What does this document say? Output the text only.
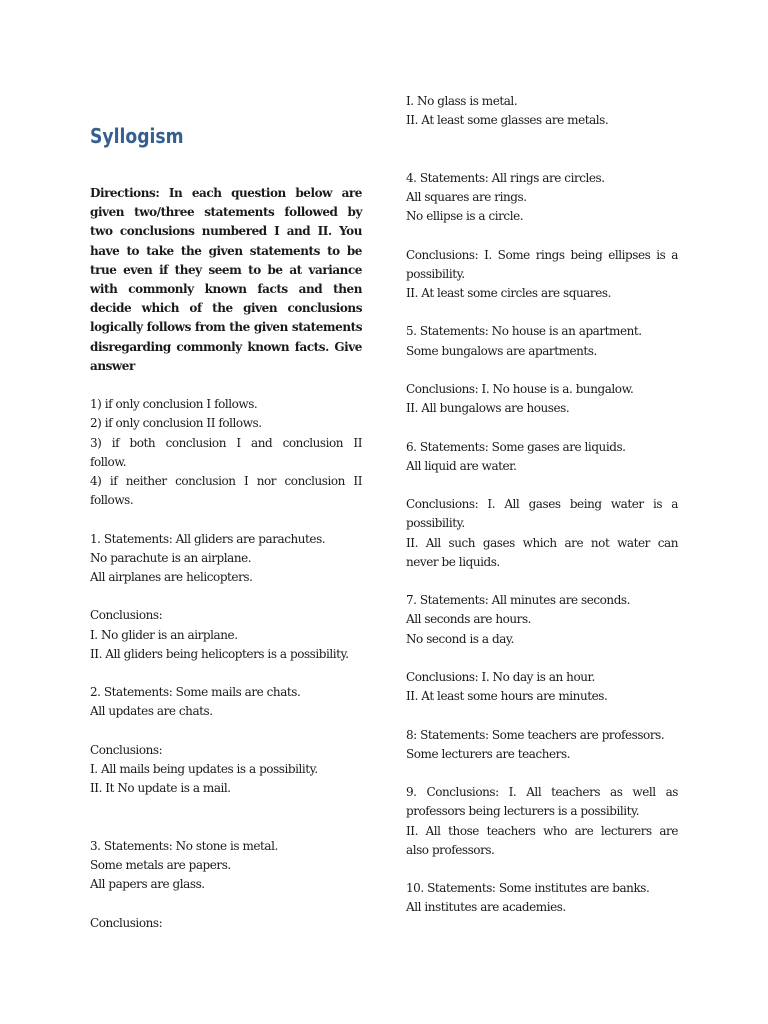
Syllogism
Directions: In each question below are
given two/three statements followed by
two conclusions numbered I and II. You
have to take the given statements to be
true even if they seem to be at variance
with commonly known facts and then
decide which of the given conclusions
logically follows from the given statements
disregarding commonly known facts. Give
answer
1) if only conclusion I follows.
2) if only conclusion II follows.
3) if both conclusion I and conclusion II
follow.
4) if neither conclusion I nor conclusion II
follows.
1. Statements: All gliders are parachutes.
No parachute is an airplane.
All airplanes are helicopters.
Conclusions:
I. No glider is an airplane.
II. All gliders being helicopters is a possibility.
2. Statements: Some mails are chats.
All updates are chats.
Conclusions:
I. All mails being updates is a possibility.
II. It No update is a mail.
3. Statements: No stone is metal.
Some metals are papers.
All papers are glass.
Conclusions:
I. No glass is metal.
II. At least some glasses are metals.
4. Statements: All rings are circles.
All squares are rings.
No ellipse is a circle.
Conclusions: I. Some rings being ellipses is a
possibility.
II. At least some circles are squares.
5. Statements: No house is an apartment.
Some bungalows are apartments.
Conclusions: I. No house is a. bungalow.
II. All bungalows are houses.
6. Statements: Some gases are liquids.
All liquid are water.
Conclusions: I. All gases being water is a
possibility.
II. All such gases which are not water can
never be liquids.
7. Statements: All minutes are seconds.
All seconds are hours.
No second is a day.
Conclusions: I. No day is an hour.
II. At least some hours are minutes.
8: Statements: Some teachers are professors.
Some lecturers are teachers.
9. Conclusions: I. All teachers as well as
professors being lecturers is a possibility.
II. All those teachers who are lecturers are
also professors.
10. Statements: Some institutes are banks.
All institutes are academies.
